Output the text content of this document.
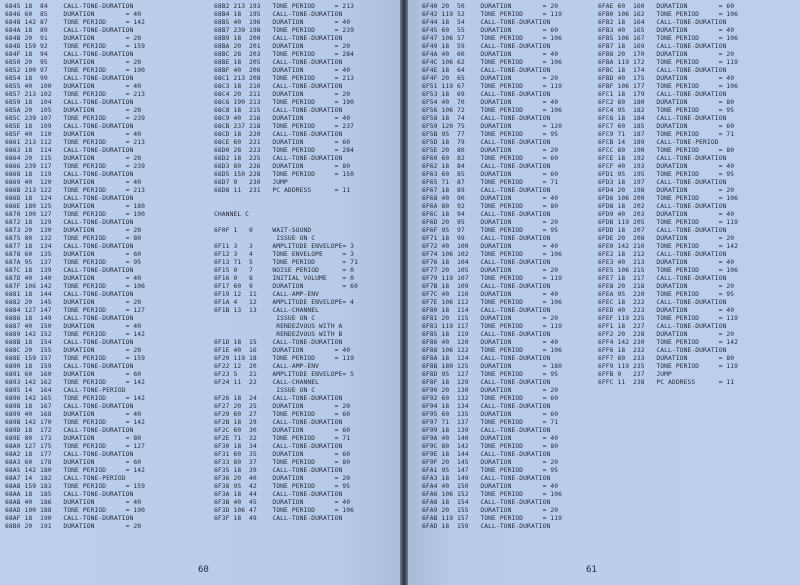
6845 18  84    CALL-TONE-DURATION
6846 60  85    DURATION        = 40
6848 142 87    TONE PERIOD     = 142
684A 18  89    CALL-TONE-DURATION
684B 20  91    DURATION        = 20
684D 159 92    TONE PERIOD     = 159
684F 18  94    CALL-TONE-DURATION
6850 20  95    DURATION        = 20
6852 190 97    TONE PERIOD     = 190
6854 18  99    CALL-TONE-DURATION
6855 40  100   DURATION        = 40
6857 213 102   TONE PERIOD     = 213
6859 18  104   CALL-TONE-DURATION
685A 20  105   DURATION        = 20
685C 239 107   TONE PERIOD     = 239
685E 18  109   CALL-TONE-DURATION
685F 40  110   DURATION        = 40
6861 213 112   TONE PERIOD     = 213
6863 18  114   CALL-TONE-DURATION
6864 20  115   DURATION        = 20
6866 239 117   TONE PERIOD     = 239
6868 18  119   CALL-TONE-DURATION
6869 40  120   DURATION        = 40
686B 213 122   TONE PERIOD     = 213
686D 18  124   CALL-TONE-DURATION
686E 180 125   DURATION        = 180
6870 190 127   TONE PERIOD     = 190
6872 18  129   CALL-TONE-DURATION
6873 20  130   DURATION        = 20
6875 80  132   TONE PERIOD     = 80
6877 18  134   CALL-TONE-DURATION
6878 60  135   DURATION        = 60
687A 95  137   TONE PERIOD     = 95
687C 18  139   CALL-TONE-DURATION
687D 40  140   DURATION        = 40
687F 106 142   TONE PERIOD     = 106
6881 18  144   CALL-TONE-DURATION
6882 20  145   DURATION        = 20
6884 127 147   TONE PERIOD     = 127
6886 18  149   CALL-TONE-DURATION
6887 40  150   DURATION        = 40
6889 142 152   TONE PERIOD     = 142
688B 18  154   CALL-TONE-DURATION
688C 20  155   DURATION        = 20
688E 159 157   TONE PERIOD     = 159
6890 18  159   CALL-TONE-DURATION
6891 60  160   DURATION        = 60
6893 142 162   TONE PERIOD     = 142
6895 14  164   CALL-TONE-PERIOD
6896 142 165   TONE PERIOD     = 142
6898 18  167   CALL-TONE-DURATION
6899 40  168   DURATION        = 40
689B 142 170   TONE PERIOD     = 142
689D 18  172   CALL-TONE-DURATION
689E 80  173   DURATION        = 80
68A0 127 175   TONE PERIOD     = 127
68A2 18  177   CALL-TONE-DURATION
68A3 60  178   DURATION        = 60
68A5 142 180   TONE PERIOD     = 142
68A7 14  182   CALL-TONE-PERIOD
68A8 159 183   TONE PERIOD     = 159
68AA 18  185   CALL-TONE-DURATION
68AB 40  186   DURATION        = 40
68AD 190 188   TONE PERIOD     = 190
68AF 18  190   CALL-TONE-DURATION
68B0 20  191   DURATION        = 20
68B2 213 193   TONE PERIOD     = 213
68B4 18  195   CALL-TONE-DURATION
68B5 40  196   DURATION        = 40
68B7 239 198   TONE PERIOD     = 239
68B9 18  200   CALL-TONE-DURATION
68BA 20  201   DURATION        = 20
68BC 28  203   TONE PERIOD     = 284
68BE 18  205   CALL-TONE-DURATION
68BF 40  206   DURATION        = 40
68C1 213 208   TONE PERIOD     = 213
68C3 18  210   CALL-TONE-DURATION
68C4 20  211   DURATION        = 20
68C6 190 213   TONE PERIOD     = 190
68C8 18  215   CALL-TONE-DURATION
68C9 40  216   DURATION        = 40
68CB 237 218   TONE PERIOD     = 237
68CD 18  220   CALL-TONE-DURATION
68CE 60  221   DURATION        = 60
68D0 28  223   TONE PERIOD     = 284
68D2 18  225   CALL-TONE-DURATION
68D3 80  226   DURATION        = 80
68D5 150 228   TONE PERIOD     = 150
68D7 9   230   JUMP
68D8 11  231   PC ADDRESS      = 11
CHANNEL C
6F0F 1   0     WAIT-SOUND
ISSUE ON C
6F11 3   3     AMPLITUDE ENVELOPE= 3
6F12 3   4     TONE ENVELOPE     = 3
6F13 71  5     TONE PERIOD       = 71
6F15 0   7     NOISE PERIOD      = 0
6F16 0   8     INITIAL VOLUME    = 0
6F17 60  9     DURATION          = 60
6F19 12  11    CALL-AMP-ENV
6F1A 4   12    AMPLITUDE ENVELOPE= 4
6F1B 13  13    CALL-CHANNEL
ISSUE ON C
RENDEZVOUS WITH A
RENDEZVOUS WITH B
6F1D 18  15    CALL-TONE-DURATION
6F1E 40  16    DURATION        = 40
6F20 119 18    TONE PERIOD     = 119
6F22 12  20    CALL-AMP-ENV
6F23 5   21    AMPLITUDE ENVELOPE= 5
6F24 11  22    CALL-CHANNEL
ISSUE ON C
6F26 18  24    CALL-TONE-DURATION
6F27 20  25    DURATION        = 20
6F29 60  27    TONE PERIOD     = 60
6F2B 18  29    CALL-TONE-DURATION
6F2C 60  30    DURATION        = 60
6F2E 71  32    TONE PERIOD     = 71
6F30 18  34    CALL-TONE-DURATION
6F31 60  35    DURATION        = 60
6F33 80  37    TONE PERIOD     = 80
6F35 18  39    CALL-TONE-DURATION
6F36 20  40    DURATION        = 20
6F38 95  42    TONE PERIOD     = 95
6F3A 18  44    CALL-TONE-DURATION
6F3B 40  45    DURATION        = 40
6F3D 106 47    TONE PERIOD     = 106
6F3F 18  49    CALL-TONE-DURATION
60
6F40 20  50    DURATION        = 20
6F42 119 52    TONE PERIOD     = 119
6F44 18  54    CALL-TONE-DURATION
6F45 60  55    DURATION        = 60
6F47 106 57    TONE PERIOD     = 106
6F49 18  59    CALL-TONE-DURATION
6F4A 40  60    DURATION        = 40
6F4C 106 62    TONE PERIOD     = 106
6F4E 18  64    CALL-TONE-DURATION
6F4F 20  65    DURATION        = 20
6F51 119 67    TONE PERIOD     = 119
6F53 18  69    CALL-TONE-DURATION
6F54 40  70    DURATION        = 40
6F56 106 72    TONE PERIOD     = 106
6F58 18  74    CALL-TONE-DURATION
6F59 120 75    DURATION        = 120
6F5B 95  77    TONE PERIOD     = 95
6F5D 18  79    CALL-TONE-DURATION
6F5E 20  80    DURATION        = 20
6F60 60  82    TONE PERIOD     = 60
6F62 18  84    CALL-TONE-DURATION
6F63 60  85    DURATION        = 60
6F65 71  87    TONE PERIOD     = 71
6F67 18  89    CALL-TONE-DURATION
6F68 40  90    DURATION        = 40
6F6A 80  92    TONE PERIOD     = 80
6F6C 18  94    CALL-TONE-DURATION
6F6D 20  95    DURATION        = 20
6F6F 95  97    TONE PERIOD     = 95
6F71 18  99    CALL-TONE-DURATION
6F72 40  100   DURATION        = 40
6F74 106 102   TONE PERIOD     = 106
6F76 18  104   CALL-TONE-DURATION
6F77 20  105   DURATION        = 20
6F79 119 107   TONE PERIOD     = 119
6F7B 18  109   CALL-TONE-DURATION
6F7C 40  110   DURATION        = 40
6F7E 106 112   TONE PERIOD     = 106
6F80 18  114   CALL-TONE-DURATION
6F81 20  115   DURATION        = 20
6F83 119 117   TONE PERIOD     = 119
6F85 18  119   CALL-TONE-DURATION
6F86 40  120   DURATION        = 40
6F88 106 122   TONE PERIOD     = 106
6F8A 18  124   CALL-TONE-DURATION
6F8B 180 125   DURATION        = 180
6F8D 95  127   TONE PERIOD     = 95
6F8F 18  129   CALL-TONE-DURATION
6F90 20  130   DURATION        = 20
6F92 60  132   TONE PERIOD     = 60
6F94 18  134   CALL-TONE-DURATION
6F95 60  135   DURATION        = 60
6F97 71  137   TONE PERIOD     = 71
6F99 18  139   CALL-TONE-DURATION
6F9A 40  140   DURATION        = 40
6F9C 80  142   TONE PERIOD     = 80
6F9E 18  144   CALL-TONE-DURATION
6F9F 20  145   DURATION        = 20
6FA1 95  147   TONE PERIOD     = 95
6FA3 18  149   CALL-TONE-DURATION
6FA4 40  150   DURATION        = 40
6FA6 106 152   TONE PERIOD     = 106
6FA8 18  154   CALL-TONE-DURATION
6FA9 20  155   DURATION        = 20
6FAB 119 157   TONE PERIOD     = 119
6FAD 18  159   CALL-TONE-DURATION
6FAE 60  160   DURATION        = 60
6FB0 106 162   TONE PERIOD     = 106
6FB2 18  164   CALL-TONE-DURATION
6FB3 40  165   DURATION        = 40
6FB5 106 167   TONE PERIOD     = 106
6FB7 18  169   CALL-TONE-DURATION
6FB8 20  170   DURATION        = 20
6FBA 119 172   TONE PERIOD     = 119
6FBC 18  174   CALL-TONE-DURATION
6FBD 40  175   DURATION        = 40
6FBF 106 177   TONE PERIOD     = 106
6FC1 18  179   CALL-TONE-DURATION
6FC2 80  180   DURATION        = 80
6FC4 95  182   TONE PERIOD     = 95
6FC6 18  184   CALL-TONE-DURATION
6FC7 60  185   DURATION        = 60
6FC9 71  187   TONE PERIOD     = 71
6FCB 14  189   CALL-TONE-PERIOD
6FCC 80  190   TONE PERIOD     = 80
6FCE 18  192   CALL-TONE-DURATION
6FCF 40  193   DURATION        = 40
6FD1 95  195   TONE PERIOD     = 95
6FD3 18  197   CALL-TONE-DURATION
6FD4 20  198   DURATION        = 20
6FD6 106 200   TONE PERIOD     = 106
6FD8 18  202   CALL-TONE-DURATION
6FD9 40  203   DURATION        = 40
6FDB 119 205   TONE PERIOD     = 119
6FDD 18  207   CALL-TONE-DURATION
6FDE 20  208   DURATION        = 20
6FE0 142 210   TONE PERIOD     = 142
6FE2 18  212   CALL-TONE-DURATION
6FE3 40  213   DURATION        = 40
6FE5 106 215   TONE PERIOD     = 106
6FE7 18  217   CALL-TONE-DURATION
6FE8 20  218   DURATION        = 20
6FEA 95  220   TONE PERIOD     = 95
6FEC 18  222   CALL-TONE-DURATION
6FED 40  223   DURATION        = 40
6FEF 119 225   TONE PERIOD     = 119
6FF1 18  227   CALL-TONE-DURATION
6FF2 20  228   DURATION        = 20
6FF4 142 230   TONE PERIOD     = 142
6FF6 18  232   CALL-TONE-DURATION
6FF7 80  233   DURATION        = 80
6FF9 119 235   TONE PERIOD     = 119
6FFB 9   237   JUMP
6FFC 11  238   PC ADDRESS      = 11
61
